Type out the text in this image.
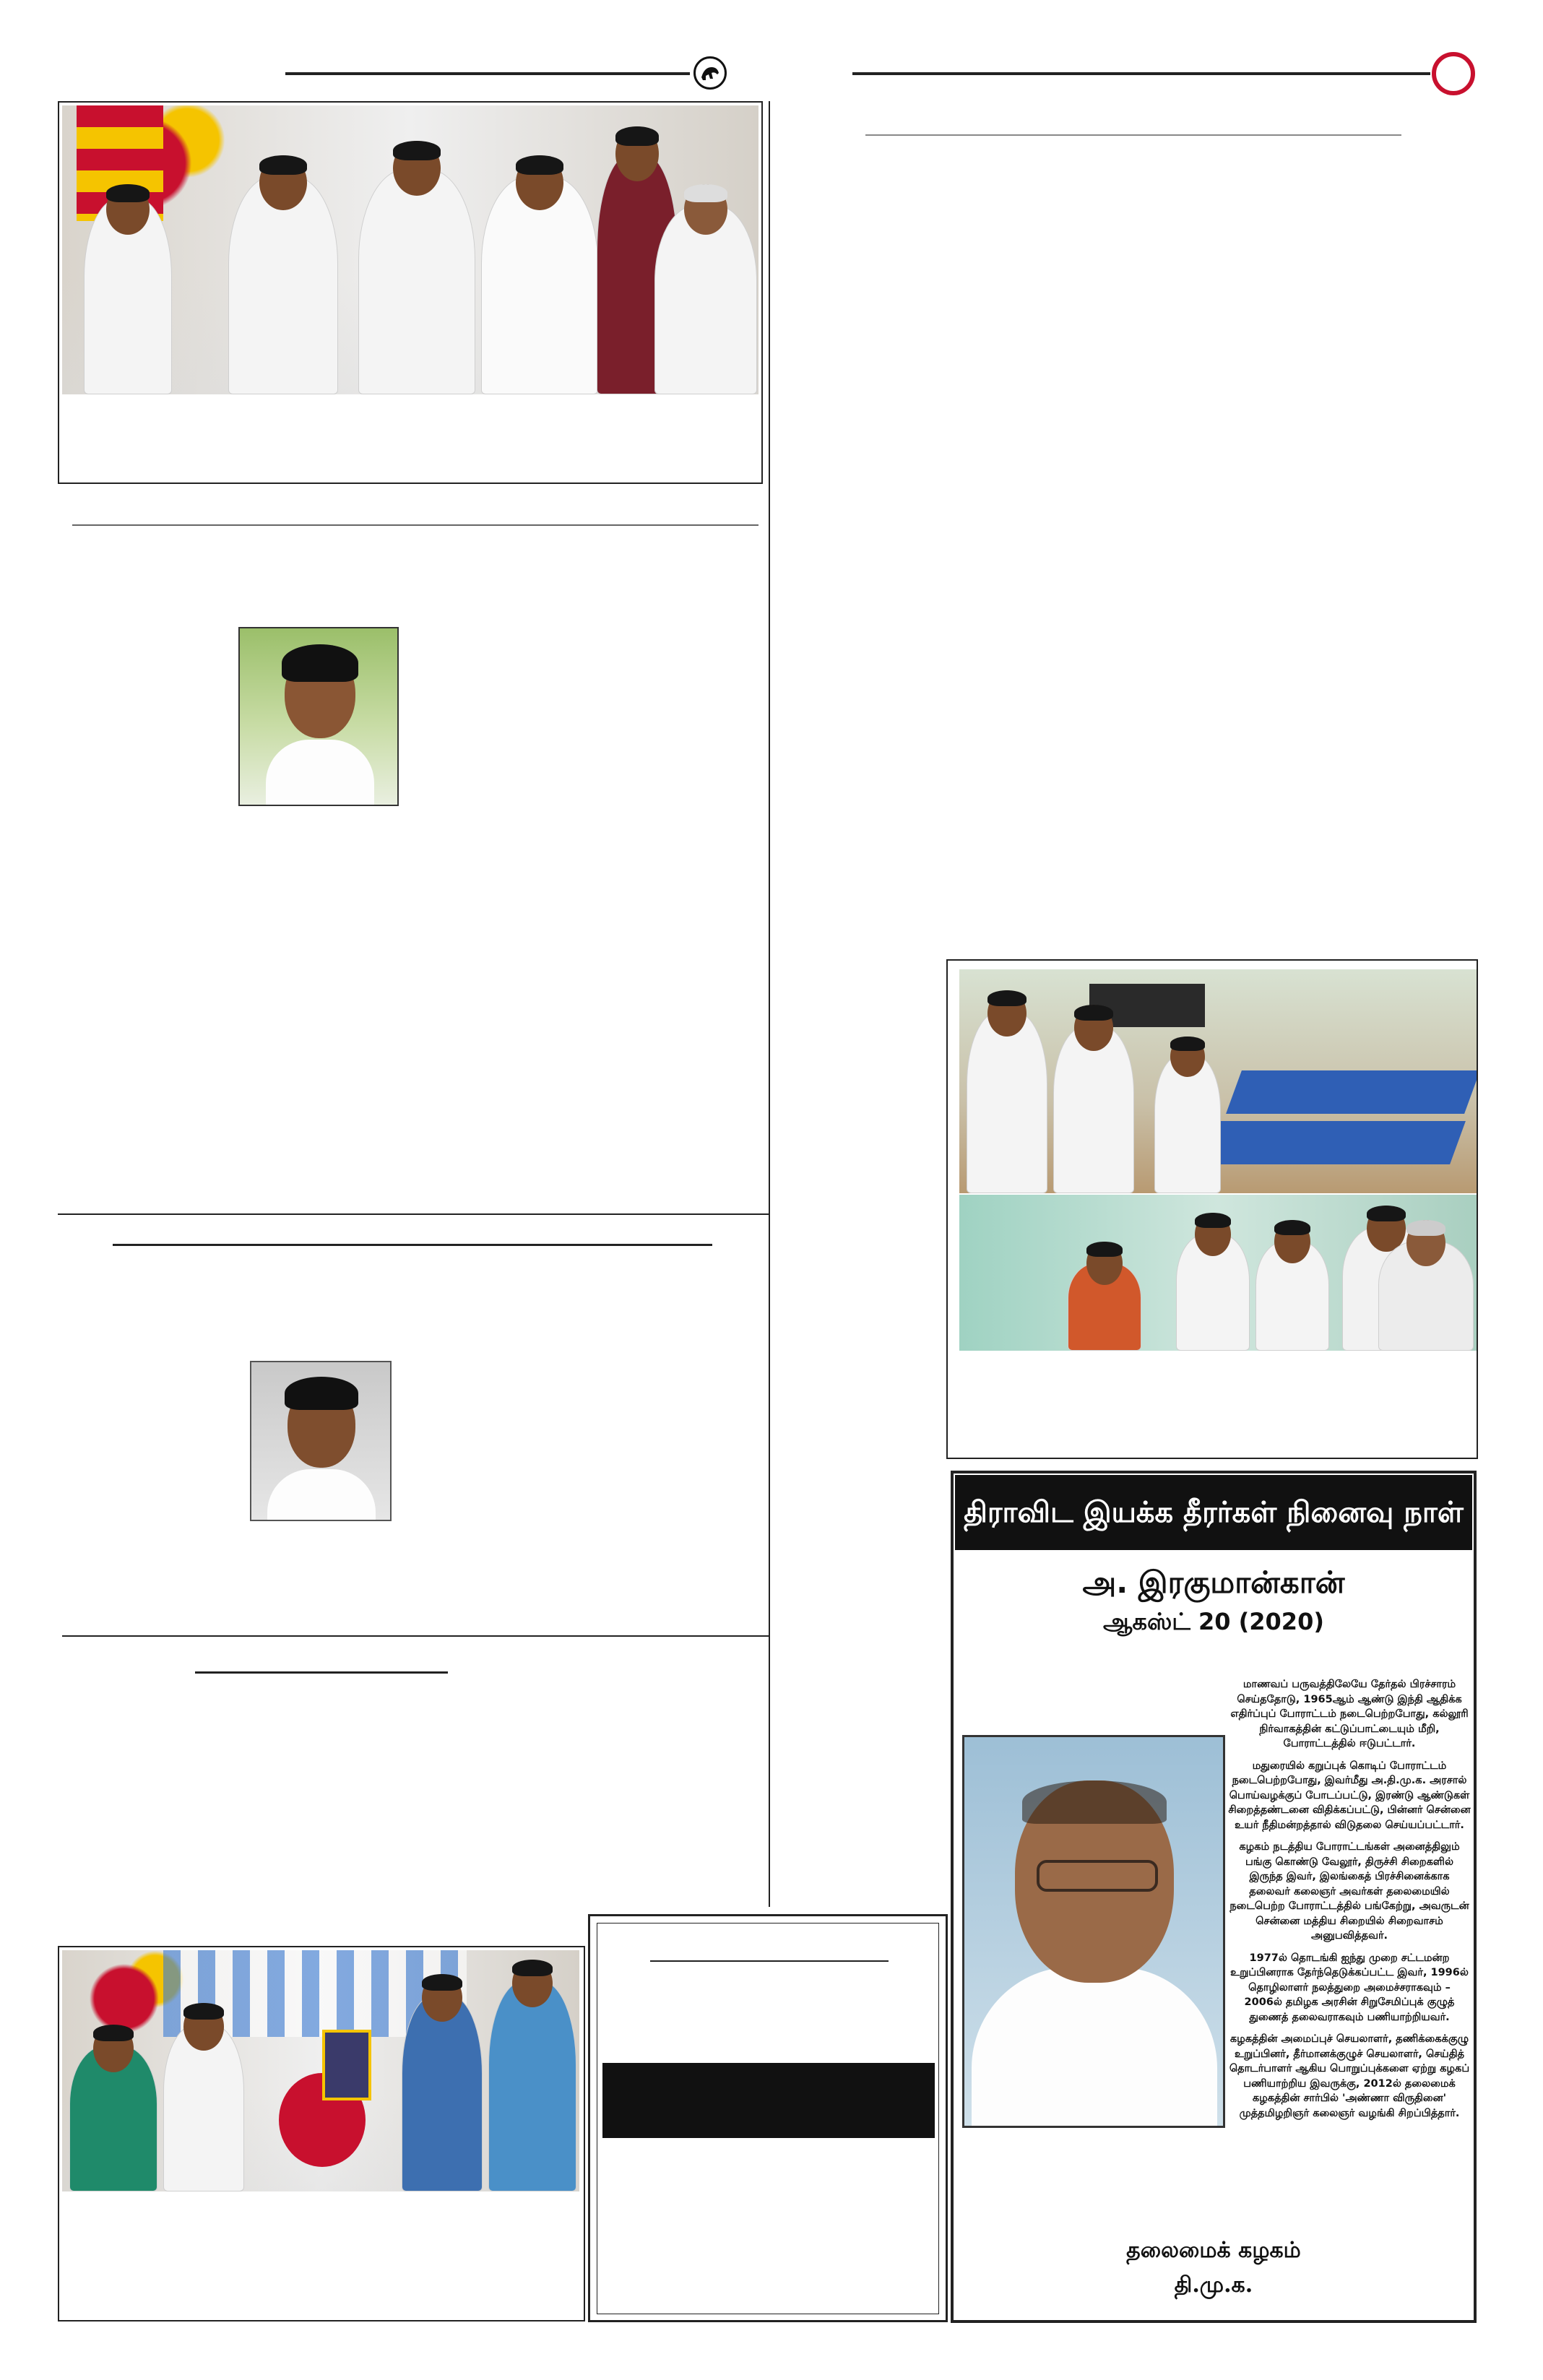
திராவிட இயக்க தீரர்கள் நினைவு நாள்
அ. இரகுமான்கான்
ஆகஸ்ட் 20 (2020)

மாணவப் பருவத்திலேயே தேர்தல் பிரச்சாரம் செய்ததோடு, 1965ஆம் ஆண்டு இந்தி ஆதிக்க எதிர்ப்புப் போராட்டம் நடைபெற்றபோது, கல்லூரி நிர்வாகத்தின் கட்டுப்பாட்டையும் மீறி, போராட்டத்தில் ஈடுபட்டார்.

மதுரையில் கறுப்புக் கொடிப் போராட்டம் நடைபெற்றபோது, இவர்மீது அ.தி.மு.க. அரசால் பொய்வழக்குப் போடப்பட்டு, இரண்டு ஆண்டுகள் சிறைத்தண்டனை விதிக்கப்பட்டு, பின்னர் சென்னை உயர் நீதிமன்றத்தால் விடுதலை செய்யப்பட்டார்.

கழகம் நடத்திய போராட்டங்கள் அனைத்திலும் பங்கு கொண்டு வேலூர், திருச்சி சிறைகளில் இருந்த இவர், இலங்கைத் பிரச்சினைக்காக தலைவர் கலைஞர் அவர்கள் தலைமையில் நடைபெற்ற போராட்டத்தில் பங்கேற்று, அவருடன் சென்னை மத்திய சிறையில் சிறைவாசம் அனுபவித்தவர்.

1977ல் தொடங்கி ஐந்து முறை சட்டமன்ற உறுப்பினராக தேர்ந்தெடுக்கப்பட்ட இவர், 1996ல் தொழிலாளர் நலத்துறை அமைச்சராகவும் – 2006ல் தமிழக அரசின் சிறுசேமிப்புக் குழுத் துணைத் தலைவராகவும் பணியாற்றியவர்.

கழகத்தின் அமைப்புச் செயலாளர், தணிக்கைக்குழு உறுப்பினர், தீர்மானக்குழுச் செயலாளர், செய்தித் தொடர்பாளர் ஆகிய பொறுப்புக்களை ஏற்று கழகப் பணியாற்றிய இவருக்கு, 2012ல் தலைமைக் கழகத்தின் சார்பில் 'அண்ணா விருதினை' முத்தமிழறிஞர் கலைஞர் வழங்கி சிறப்பித்தார்.

தலைமைக் கழகம்
தி.மு.க.
